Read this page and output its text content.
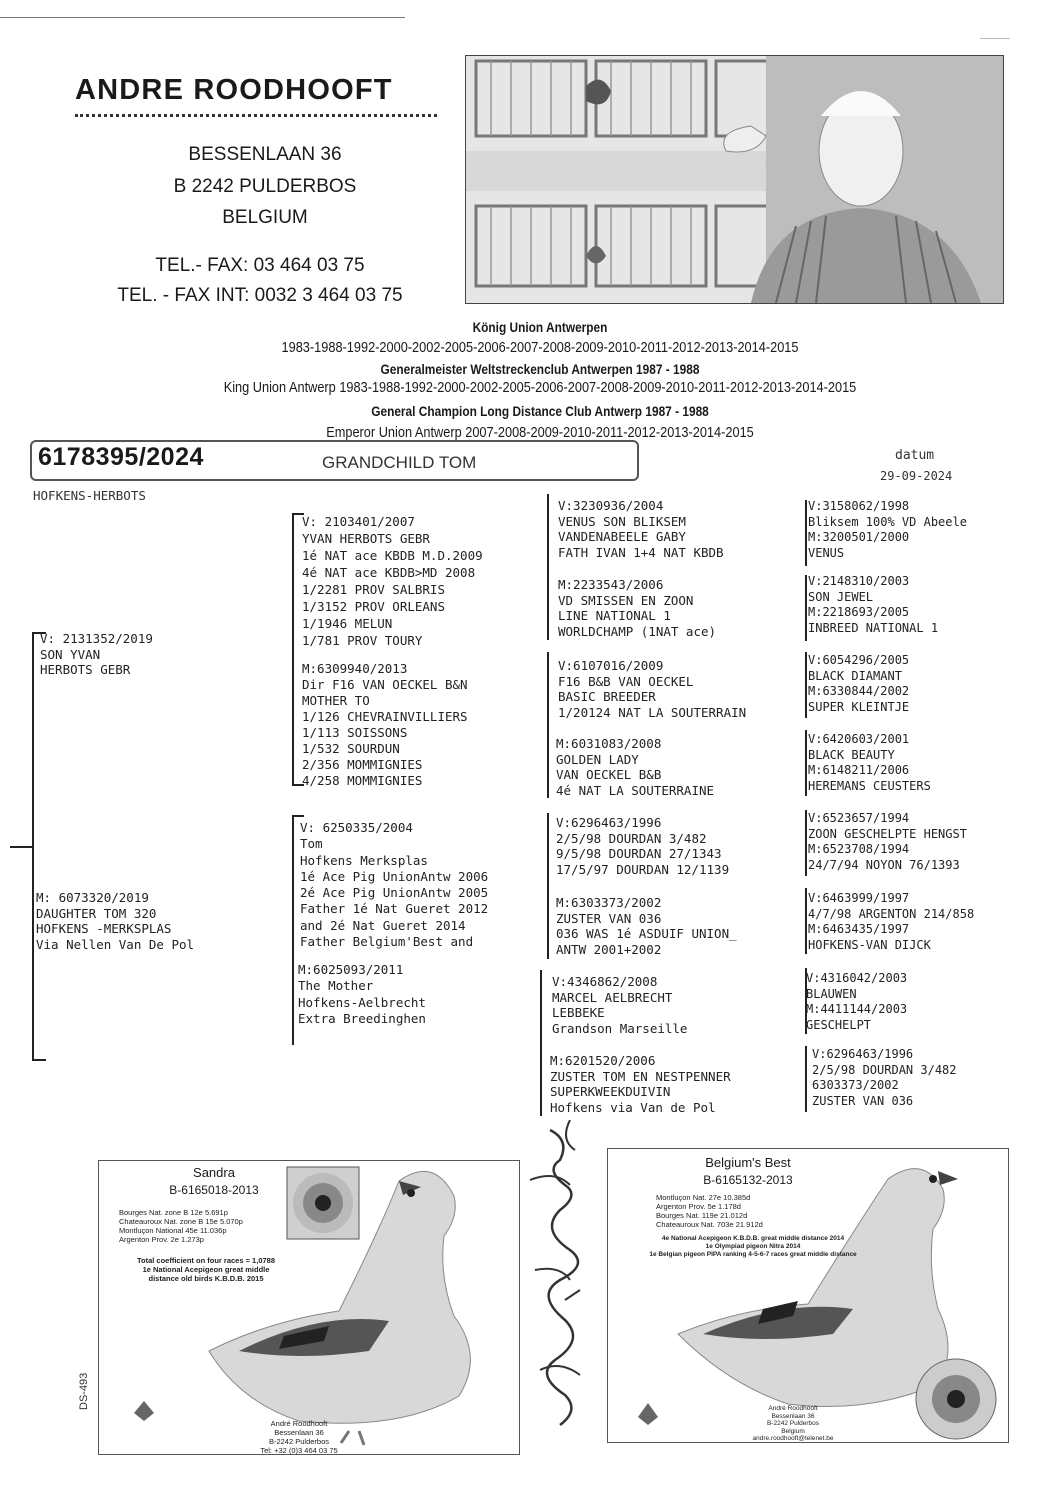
ANDRE ROODHOOFT
BESSENLAAN 36
B 2242 PULDERBOS
BELGIUM
TEL.- FAX: 03 464 03 75
TEL. - FAX INT: 0032 3 464 03 75
König Union Antwerpen
1983-1988-1992-2000-2002-2005-2006-2007-2008-2009-2010-2011-2012-2013-2014-2015
Generalmeister Weltstreckenclub Antwerpen 1987 - 1988
King Union Antwerp 1983-1988-1992-2000-2002-2005-2006-2007-2008-2009-2010-2011-2012-2013-2014-2015
General Champion Long Distance Club Antwerp 1987 - 1988
Emperor Union Antwerp 2007-2008-2009-2010-2011-2012-2013-2014-2015
6178395/2024	GRANDCHILD TOM	datum
29-09-2024
HOFKENS-HERBOTS
V: 2131352/2019
SON YVAN
HERBOTS GEBR
M: 6073320/2019
DAUGHTER TOM 320
HOFKENS -MERKSPLAS
Via Nellen Van De Pol
V: 2103401/2007
YVAN HERBOTS GEBR
1é NAT ace KBDB M.D.2009
4é NAT ace KBDB>MD 2008
1/2281 PROV SALBRIS
1/3152 PROV ORLEANS
1/1946 MELUN
1/781 PROV TOURY
M:6309940/2013
Dir F16 VAN OECKEL B&N
MOTHER TO
1/126 CHEVRAINVILLIERS
1/113 SOISSONS
1/532 SOURDUN
2/356 MOMMIGNIES
4/258 MOMMIGNIES
V: 6250335/2004
Tom
Hofkens Merksplas
1é Ace Pig UnionAntw 2006
2é Ace Pig UnionAntw 2005
Father 1é Nat Gueret 2012
and 2é Nat Gueret 2014
Father Belgium'Best and
M:6025093/2011
The Mother
Hofkens-Aelbrecht
Extra Breedinghen
V:3230936/2004
VENUS SON BLIKSEM
VANDENABEELE GABY
FATH IVAN 1+4 NAT KBDB
M:2233543/2006
VD SMISSEN EN ZOON
LINE NATIONAL 1
WORLDCHAMP (1NAT ace)
V:6107016/2009
F16 B&B VAN OECKEL
BASIC BREEDER
1/20124 NAT LA SOUTERRAIN
M:6031083/2008
GOLDEN LADY
VAN OECKEL B&B
4é NAT LA SOUTERRAINE
V:6296463/1996
2/5/98 DOURDAN 3/482
9/5/98 DOURDAN 27/1343
17/5/97 DOURDAN 12/1139
M:6303373/2002
ZUSTER VAN 036
036 WAS 1é ASDUIF UNION_
ANTW 2001+2002
V:4346862/2008
MARCEL AELBRECHT
LEBBEKE
Grandson Marseille
M:6201520/2006
ZUSTER TOM EN NESTPENNER
SUPERKWEEKDUIVIN
Hofkens via Van de Pol
V:3158062/1998
Bliksem 100% VD Abeele
M:3200501/2000
VENUS
V:2148310/2003
SON JEWEL
M:2218693/2005
INBREED NATIONAL 1
V:6054296/2005
BLACK DIAMANT
M:6330844/2002
SUPER KLEINTJE
V:6420603/2001
BLACK BEAUTY
M:6148211/2006
HEREMANS CEUSTERS
V:6523657/1994
ZOON GESCHELPTE HENGST
M:6523708/1994
24/7/94 NOYON 76/1393
V:6463999/1997
4/7/98 ARGENTON 214/858
M:6463435/1997
HOFKENS-VAN DIJCK
V:4316042/2003
BLAUWEN
M:4411144/2003
GESCHELPT
V:6296463/1996
2/5/98 DOURDAN 3/482
6303373/2002
ZUSTER VAN 036
DS-493
Sandra
B-6165018-2013
Bourges Nat. zone B 12e 5.691p
Chateauroux Nat. zone B 15e 5.070p
Montluçon National 45e 11.036p
Argenton Prov. 2e 1.273p
Total coefficient on four races = 1,0788
1e National Acepigeon great middle
distance old birds K.B.D.B. 2015
André Roodhooft
Bessenlaan 36
B-2242 Pulderbos
Tel: +32 (0)3 464 03 75
Belgium's Best
B-6165132-2013
Montluçon Nat. 27e 10.385d
Argenton Prov. 5e 1.178d
Bourges Nat. 119e 21.012d
Chateauroux Nat. 703e 21.912d
4e National Acepigeon K.B.D.B. great middle distance 2014
1e Olympiad pigeon Nitra 2014
1e Belgian pigeon PIPA ranking 4-5-6-7 races great middle distance
André Roodhooft
Bessenlaan 36
B-2242 Pulderbos
Belgium
andre.roodhooft@telenet.be
